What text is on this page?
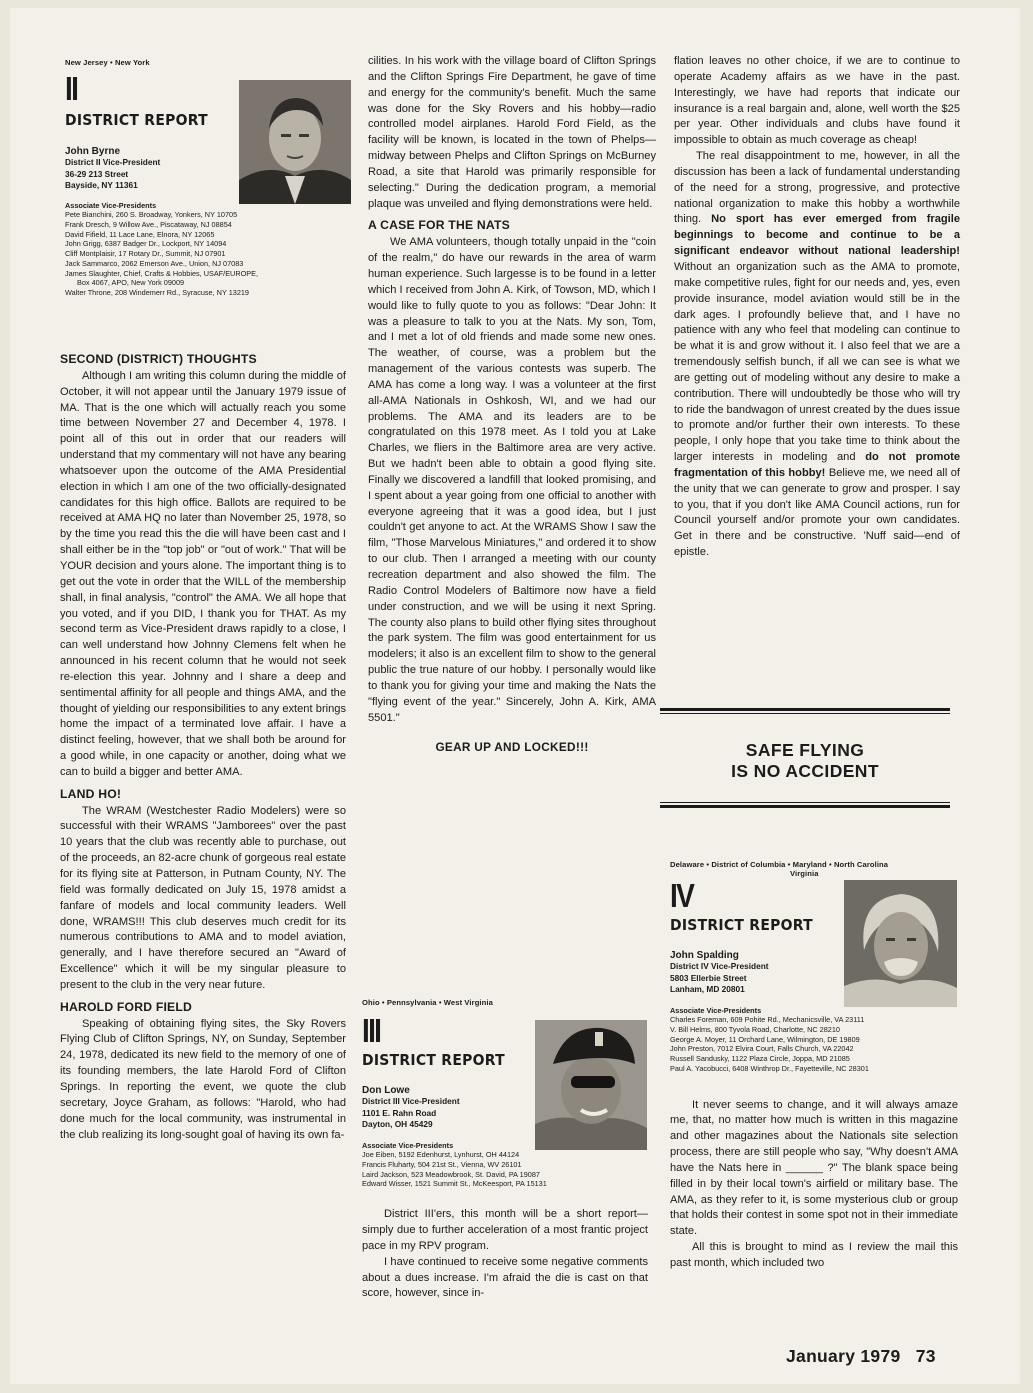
New Jersey • New York
II
DISTRICT REPORT
John Byrne
District II Vice-President
36-29 213 Street
Bayside, NY 11361
Associate Vice-Presidents
Pete Bianchini, 260 S. Broadway, Yonkers, NY 10705
Frank Dresch, 9 Willow Ave., Piscataway, NJ 08854
David Fifield, 11 Lace Lane, Elnora, NY 12065
John Grigg, 6387 Badger Dr., Lockport, NY 14094
Cliff Montplaisir, 17 Rotary Dr., Summit, NJ 07901
Jack Sammarco, 2062 Emerson Ave., Union, NJ 07083
James Slaughter, Chief, Crafts & Hobbies, USAF/EUROPE,
Box 4067, APO, New York 09009
Walter Throne, 208 Windemerr Rd., Syracuse, NY 13219
SECOND (DISTRICT) THOUGHTS

Although I am writing this column during the middle of October, it will not appear until the January 1979 issue of MA. That is the one which will actually reach you some time between November 27 and December 4, 1978. I point all of this out in order that our readers will understand that my commentary will not have any bearing whatsoever upon the outcome of the AMA Presidential election in which I am one of the two officially-designated candidates for this high office. Ballots are required to be received at AMA HQ no later than November 25, 1978, so by the time you read this the die will have been cast and I shall either be in the "top job" or "out of work." That will be YOUR decision and yours alone. The important thing is to get out the vote in order that the WILL of the membership shall, in final analysis, "control" the AMA. We all hope that you voted, and if you DID, I thank you for THAT. As my second term as Vice-President draws rapidly to a close, I can well understand how Johnny Clemens felt when he announced in his recent column that he would not seek re-election this year. Johnny and I share a deep and sentimental affinity for all people and things AMA, and the thought of yielding our responsibilities to any extent brings home the impact of a terminated love affair. I have a distinct feeling, however, that we shall both be around for a good while, in one capacity or another, doing what we can to build a bigger and better AMA.

LAND HO!

The WRAM (Westchester Radio Modelers) were so successful with their WRAMS "Jamborees" over the past 10 years that the club was recently able to purchase, out of the proceeds, an 82-acre chunk of gorgeous real estate for its flying site at Patterson, in Putnam County, NY. The field was formally dedicated on July 15, 1978 amidst a fanfare of models and local community leaders. Well done, WRAMS!!! This club deserves much credit for its numerous contributions to AMA and to model aviation, generally, and I have therefore secured an "Award of Excellence" which it will be my singular pleasure to present to the club in the very near future.

HAROLD FORD FIELD

Speaking of obtaining flying sites, the Sky Rovers Flying Club of Clifton Springs, NY, on Sunday, September 24, 1978, dedicated its new field to the memory of one of its founding members, the late Harold Ford of Clifton Springs. In reporting the event, we quote the club secretary, Joyce Graham, as follows: "Harold, who had done much for the local community, was instrumental in the club realizing its long-sought goal of having its own fa-

cilities. In his work with the village board of Clifton Springs and the Clifton Springs Fire Department, he gave of time and energy for the community's benefit. Much the same was done for the Sky Rovers and his hobby—radio controlled model airplanes. Harold Ford Field, as the facility will be known, is located in the town of Phelps—midway between Phelps and Clifton Springs on McBurney Road, a site that Harold was primarily responsible for selecting." During the dedication program, a memorial plaque was unveiled and flying demonstrations were held.

A CASE FOR THE NATS

We AMA volunteers, though totally unpaid in the "coin of the realm," do have our rewards in the area of warm human experience. Such largesse is to be found in a letter which I received from John A. Kirk, of Towson, MD, which I would like to fully quote to you as follows: "Dear John: It was a pleasure to talk to you at the Nats. My son, Tom, and I met a lot of old friends and made some new ones. The weather, of course, was a problem but the management of the various contests was superb. The AMA has come a long way. I was a volunteer at the first all-AMA Nationals in Oshkosh, WI, and we had our problems. The AMA and its leaders are to be congratulated on this 1978 meet. As I told you at Lake Charles, we fliers in the Baltimore area are very active. But we hadn't been able to obtain a good flying site. Finally we discovered a landfill that looked promising, and I spent about a year going from one official to another with everyone agreeing that it was a good idea, but I just couldn't get anyone to act. At the WRAMS Show I saw the film, "Those Marvelous Miniatures," and ordered it to show to our club. Then I arranged a meeting with our county recreation department and also showed the film. The Radio Control Modelers of Baltimore now have a field under construction, and we will be using it next Spring. The county also plans to build other flying sites throughout the park system. The film was good entertainment for us modelers; it also is an excellent film to show to the general public the true nature of our hobby. I personally would like to thank you for giving your time and making the Nats the "flying event of the year." Sincerely, John A. Kirk, AMA 5501."

GEAR UP AND LOCKED!!!
Ohio • Pennsylvania • West Virginia
III
DISTRICT REPORT
Don Lowe
District III Vice-President
1101 E. Rahn Road
Dayton, OH 45429
Associate Vice-Presidents
Joe Eiben, 5192 Edenhurst, Lynhurst, OH 44124
Francis Fluharty, 504 21st St., Vienna, WV 26101
Laird Jackson, 523 Meadowbrook, St. David, PA 19087
Edward Wisser, 1521 Summit St., McKeesport, PA 15131

District III'ers, this month will be a short report—simply due to further acceleration of a most frantic project pace in my RPV program.

I have continued to receive some negative comments about a dues increase. I'm afraid the die is cast on that score, however, since in-

flation leaves no other choice, if we are to continue to operate Academy affairs as we have in the past. Interestingly, we have had reports that indicate our insurance is a real bargain and, alone, well worth the $25 per year. Other individuals and clubs have found it impossible to obtain as much coverage as cheap!

The real disappointment to me, however, in all the discussion has been a lack of fundamental understanding of the need for a strong, progressive, and protective national organization to make this hobby a worthwhile thing. No sport has ever emerged from fragile beginnings to become and continue to be a significant endeavor without national leadership! Without an organization such as the AMA to promote, make competitive rules, fight for our needs and, yes, even provide insurance, model aviation would still be in the dark ages. I profoundly believe that, and I have no patience with any who feel that modeling can continue to be what it is and grow without it. I also feel that we are a tremendously selfish bunch, if all we can see is what we are getting out of modeling without any desire to make a contribution. There will undoubtedly be those who will try to ride the bandwagon of unrest created by the dues issue to promote and/or further their own interests. To these people, I only hope that you take time to think about the larger interests in modeling and do not promote fragmentation of this hobby! Believe me, we need all of the unity that we can generate to grow and prosper. I say to you, that if you don't like AMA Council actions, run for Council yourself and/or promote your own candidates. Get in there and be constructive. 'Nuff said—end of epistle.

SAFE FLYING
IS NO ACCIDENT
Delaware • District of Columbia • Maryland • North Carolina
Virginia
IV
DISTRICT REPORT
John Spalding
District IV Vice-President
5803 Ellerbie Street
Lanham, MD 20801
Associate Vice-Presidents
Charles Foreman, 609 Pohite Rd., Mechanicsville, VA 23111
V. Bill Helms, 800 Tyvola Road, Charlotte, NC 28210
George A. Moyer, 11 Orchard Lane, Wilmington, DE 19809
John Preston, 7012 Elvira Court, Falls Church, VA 22042
Russell Sandusky, 1122 Plaza Circle, Joppa, MD 21085
Paul A. Yacobucci, 6408 Winthrop Dr., Fayetteville, NC 28301

It never seems to change, and it will always amaze me, that, no matter how much is written in this magazine and other magazines about the Nationals site selection process, there are still people who say, "Why doesn't AMA have the Nats here in ______ ?" The blank space being filled in by their local town's airfield or military base. The AMA, as they refer to it, is some mysterious club or group that holds their contest in some spot not in their immediate state.

All this is brought to mind as I review the mail this past month, which included two

January 1979 73
